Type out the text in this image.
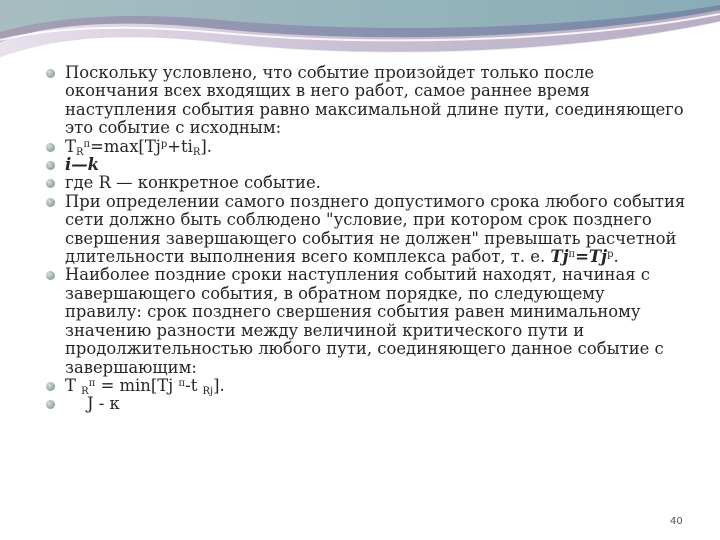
Поскольку условлено, что событие произойдет только после окончания всех входящих в него работ, самое раннее время наступления события равно максимальной длине пути, соединяющего это событие с исходным:
$T_R^п=\max[Tj^р+ti_R]$.
i—k
где R — конкретное событие.
При определении самого позднего допустимого срока любого события сети должно быть соблюдено "условие, при котором срок позднего свершения завершающего события не должен" превышать расчетной длительности выполнения всего комплекса работ, т. е. $Тj^п=Тj^р$.
Наиболее поздние сроки наступления событий находят, начиная с завершающего события, в обратном порядке, по следующему правилу: срок позднего свершения события равен минимальному значению разности между величиной критического пути и продолжительностью любого пути, соединяющего данное событие с завершающим:
T $_R^п$ = min[Tj $^п$-t $_{Rj}$].
J - к
40
